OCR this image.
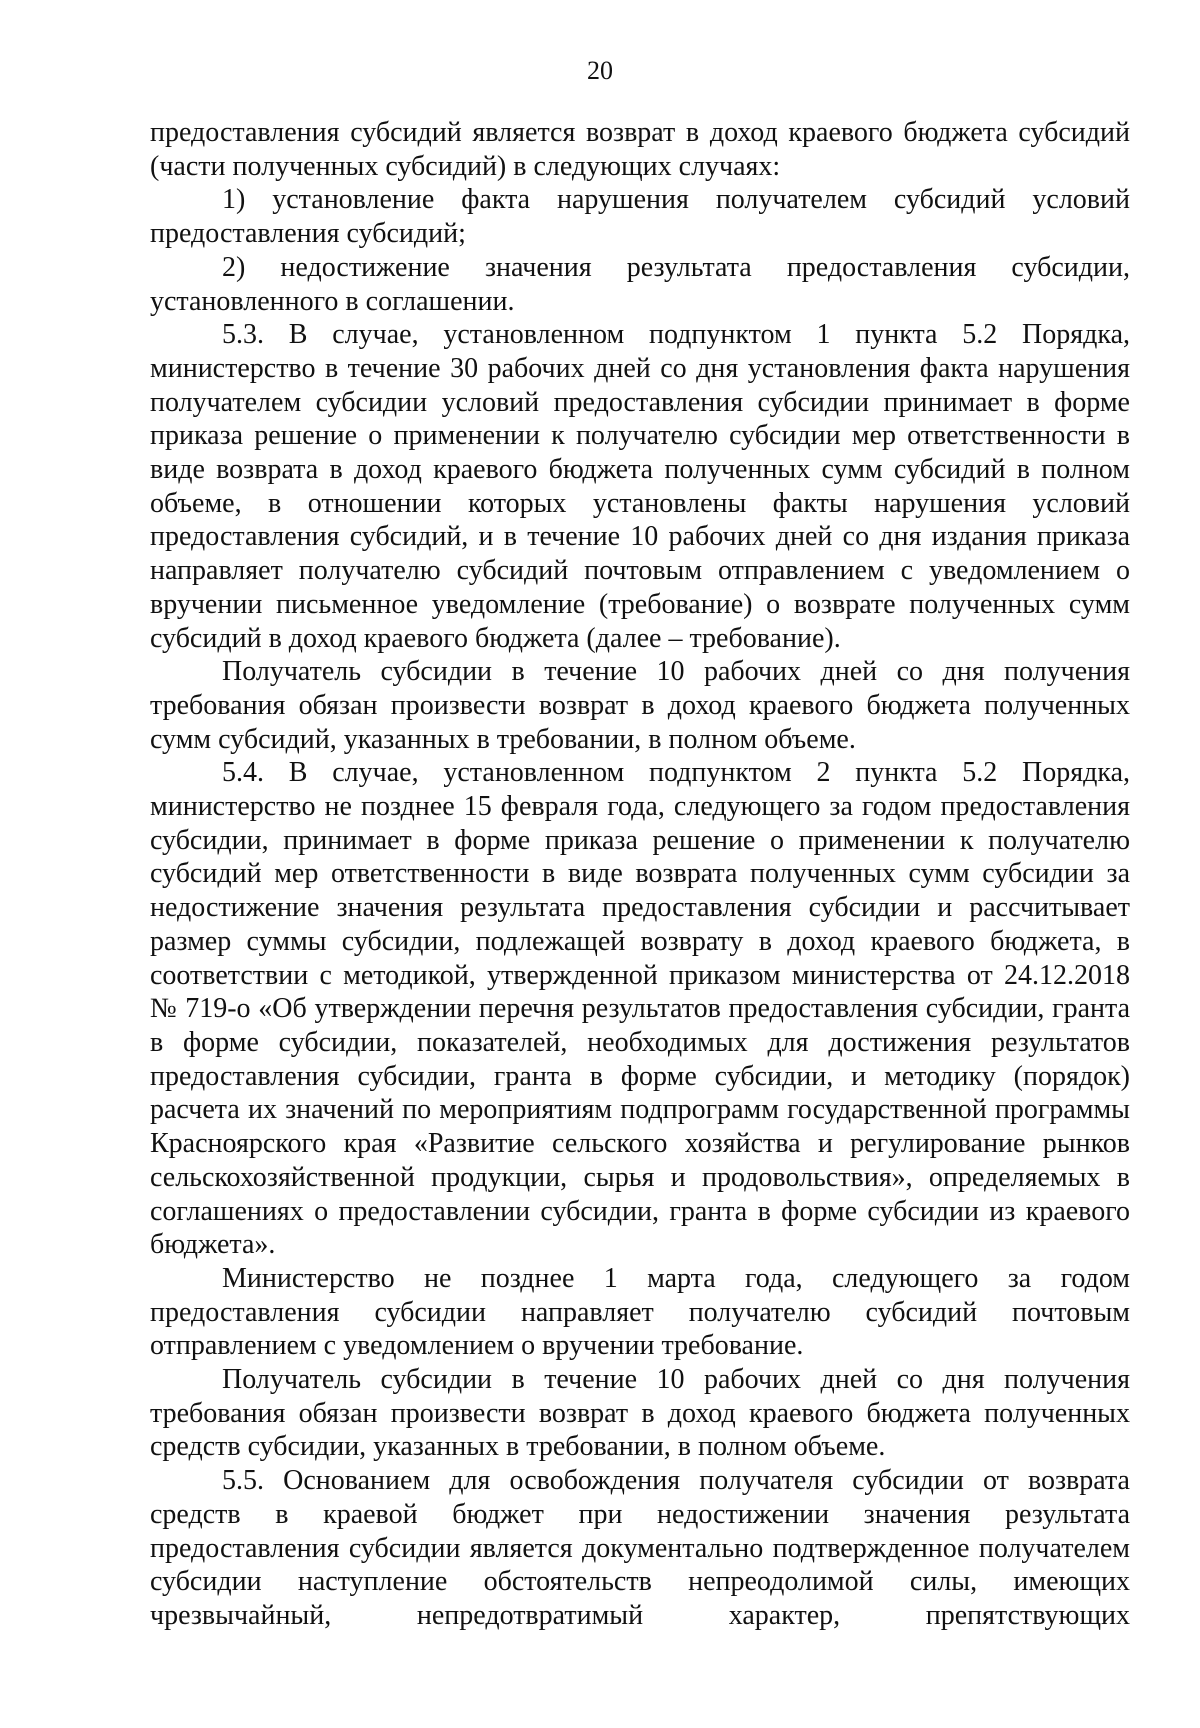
20

предоставления субсидий является возврат в доход краевого бюджета субсидий (части полученных субсидий) в следующих случаях:

1) установление факта нарушения получателем субсидий условий предоставления субсидий;

2) недостижение значения результата предоставления субсидии, установленного в соглашении.

5.3. В случае, установленном подпунктом 1 пункта 5.2 Порядка, министерство в течение 30 рабочих дней со дня установления факта нарушения получателем субсидии условий предоставления субсидии принимает в форме приказа решение о применении к получателю субсидии мер ответственности в виде возврата в доход краевого бюджета полученных сумм субсидий в полном объеме, в отношении которых установлены факты нарушения условий предоставления субсидий, и в течение 10 рабочих дней со дня издания приказа направляет получателю субсидий почтовым отправлением с уведомлением о вручении письменное уведомление (требование) о возврате полученных сумм субсидий в доход краевого бюджета (далее – требование).

Получатель субсидии в течение 10 рабочих дней со дня получения требования обязан произвести возврат в доход краевого бюджета полученных сумм субсидий, указанных в требовании, в полном объеме.

5.4. В случае, установленном подпунктом 2 пункта 5.2 Порядка, министерство не позднее 15 февраля года, следующего за годом предоставления субсидии, принимает в форме приказа решение о применении к получателю субсидий мер ответственности в виде возврата полученных сумм субсидии за недостижение значения результата предоставления субсидии и рассчитывает размер суммы субсидии, подлежащей возврату в доход краевого бюджета, в соответствии с методикой, утвержденной приказом министерства от 24.12.2018 № 719-о «Об утверждении перечня результатов предоставления субсидии, гранта в форме субсидии, показателей, необходимых для достижения результатов предоставления субсидии, гранта в форме субсидии, и методику (порядок) расчета их значений по мероприятиям подпрограмм государственной программы Красноярского края «Развитие сельского хозяйства и регулирование рынков сельскохозяйственной продукции, сырья и продовольствия», определяемых в соглашениях о предоставлении субсидии, гранта в форме субсидии из краевого бюджета».

Министерство не позднее 1 марта года, следующего за годом предоставления субсидии направляет получателю субсидий почтовым отправлением с уведомлением о вручении требование.

Получатель субсидии в течение 10 рабочих дней со дня получения требования обязан произвести возврат в доход краевого бюджета полученных средств субсидии, указанных в требовании, в полном объеме.

5.5. Основанием для освобождения получателя субсидии от возврата средств в краевой бюджет при недостижении значения результата предоставления субсидии является документально подтвержденное получателем субсидии наступление обстоятельств непреодолимой силы, имеющих чрезвычайный, непредотвратимый характер, препятствующих
